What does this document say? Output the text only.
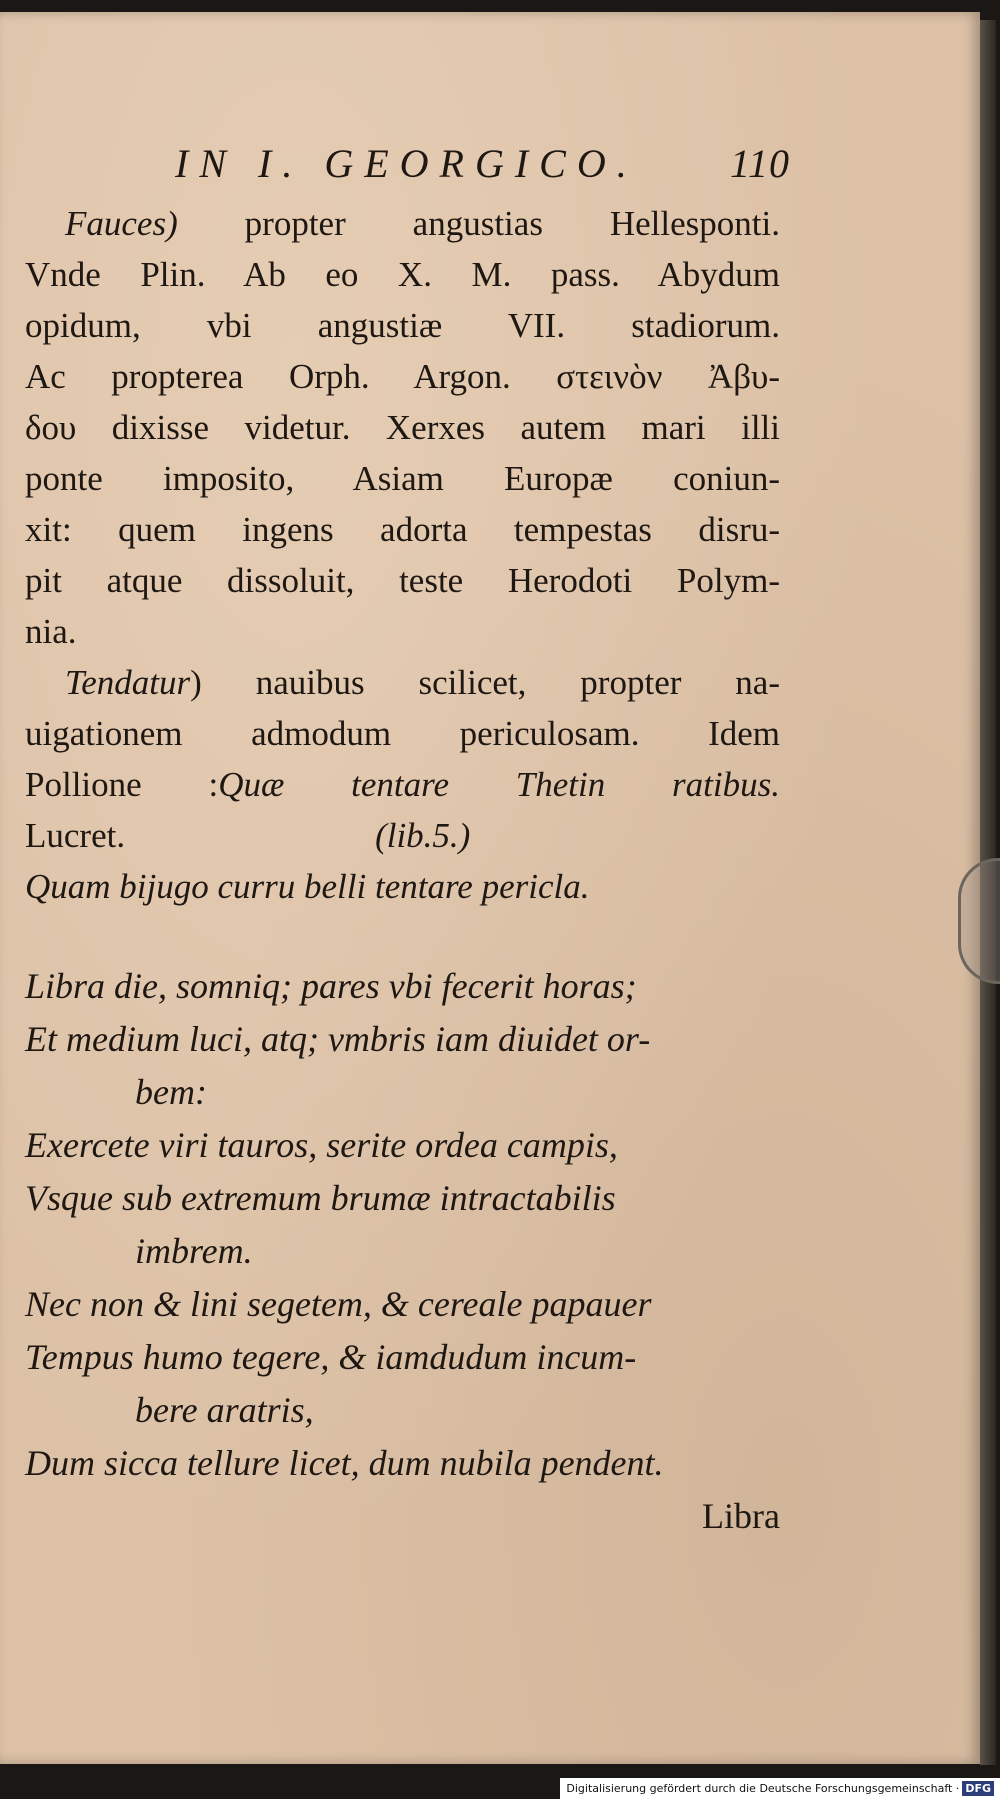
IN I. GEORGICO. 110
Fauces) propter angustias Hellesponti.
Vnde Plin. Ab eo X. M. pass. Abydum
opidum, vbi angustiæ VII. stadiorum.
Ac propterea Orph. Argon. στεινὸν Ἀβυ-
δου dixisse videtur. Xerxes autem mari illi
ponte imposito, Asiam Europæ coniun-
xit: quem ingens adorta tempestas disru-
pit atque dissoluit, teste Herodoti Polym-
nia.
Tendatur) nauibus scilicet, propter na-
uigationem admodum periculosam. Idem
Pollione :Quæ tentare Thetin ratibus.
Lucret.	(lib.5.)
Quam bijugo curru belli tentare pericla.
Libra die, somniq; pares vbi fecerit horas;
Et medium luci, atq; vmbris iam diuidet or-
bem:
Exercete viri tauros, serite ordea campis,
Vsque sub extremum brumæ intractabilis
imbrem.
Nec non & lini segetem, & cereale papauer
Tempus humo tegere, & iamdudum incum-
bere aratris,
Dum sicca tellure licet, dum nubila pendent.
Libra
Digitalisierung gefördert durch die Deutsche Forschungsgemeinschaft · DFG
